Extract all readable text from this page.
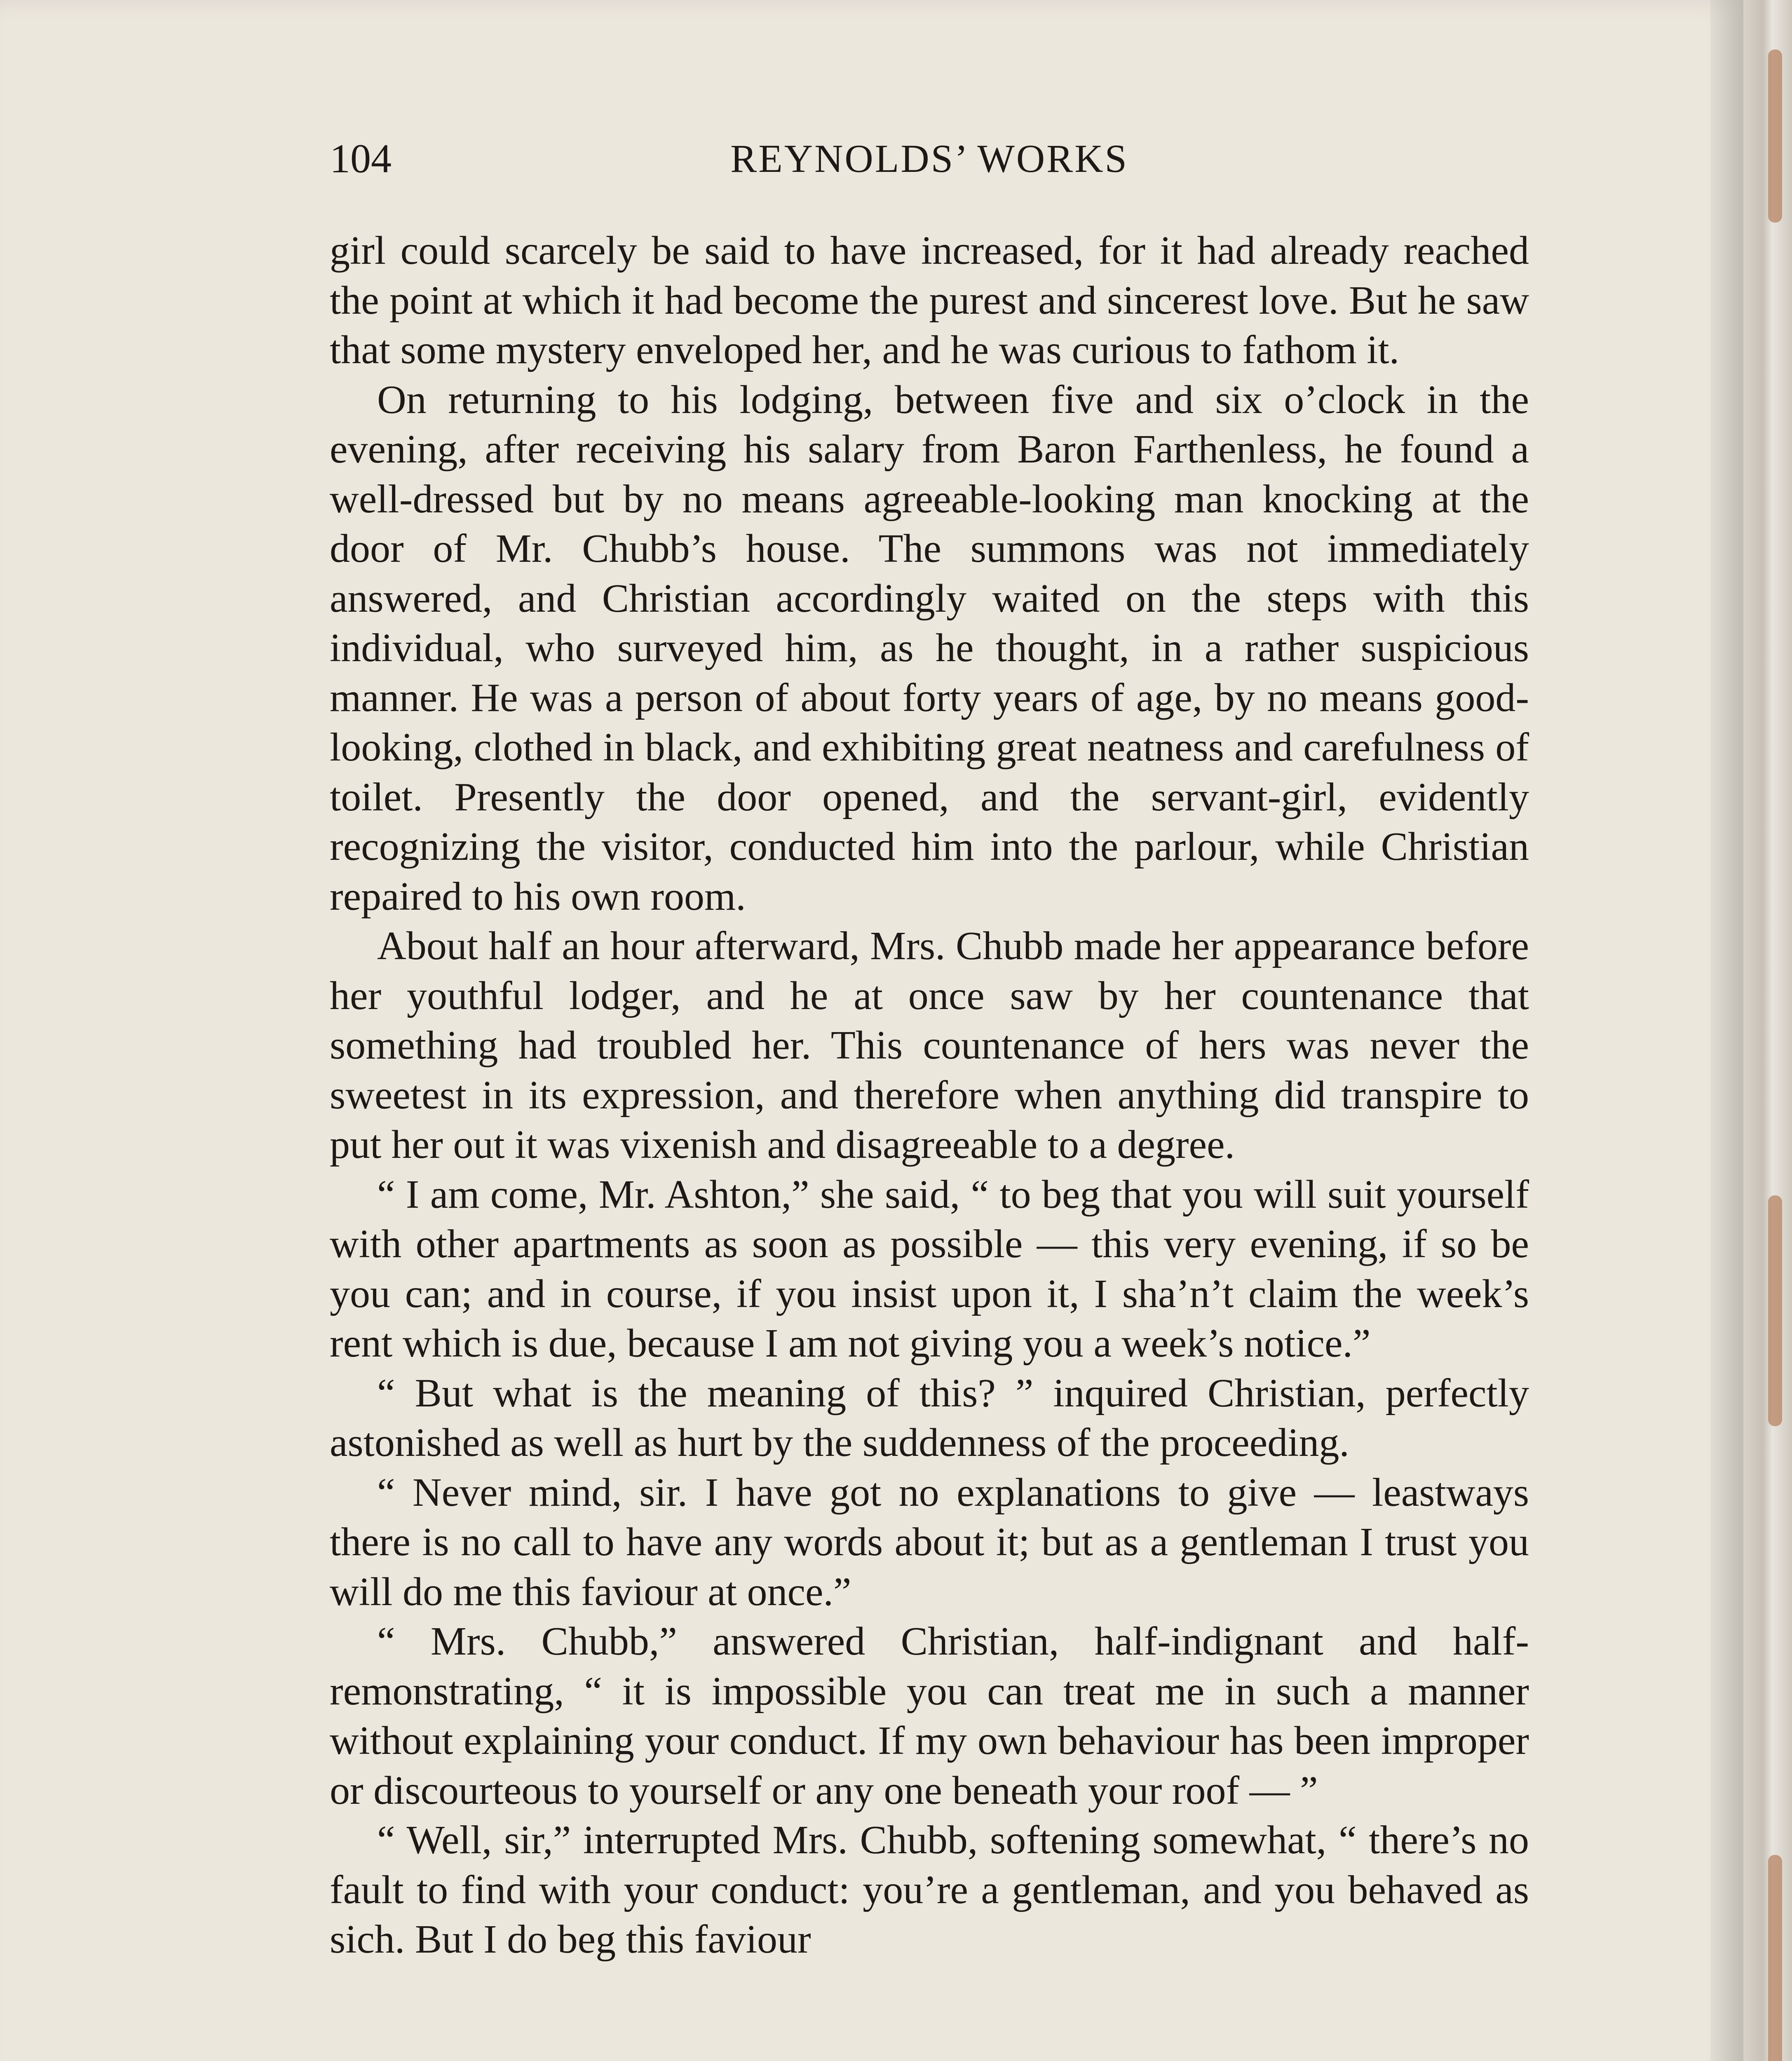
104	REYNOLDS’ WORKS

girl could scarcely be said to have increased, for it had already reached the point at which it had become the purest and sincerest love. But he saw that some mystery enveloped her, and he was curious to fathom it.

On returning to his lodging, between five and six o’clock in the evening, after receiving his salary from Baron Farthenless, he found a well-dressed but by no means agreeable-looking man knocking at the door of Mr. Chubb’s house. The summons was not immediately answered, and Christian accordingly waited on the steps with this individual, who surveyed him, as he thought, in a rather suspicious manner. He was a person of about forty years of age, by no means good-looking, clothed in black, and exhibiting great neatness and carefulness of toilet. Presently the door opened, and the servant-girl, evidently recognizing the visitor, conducted him into the parlour, while Christian repaired to his own room.

About half an hour afterward, Mrs. Chubb made her appearance before her youthful lodger, and he at once saw by her countenance that something had troubled her. This countenance of hers was never the sweetest in its expression, and therefore when anything did transpire to put her out it was vixenish and disagreeable to a degree.

“ I am come, Mr. Ashton,” she said, “ to beg that you will suit yourself with other apartments as soon as possible — this very evening, if so be you can; and in course, if you insist upon it, I sha’n’t claim the week’s rent which is due, because I am not giving you a week’s notice.”

“ But what is the meaning of this? ” inquired Christian, perfectly astonished as well as hurt by the suddenness of the proceeding.

“ Never mind, sir. I have got no explanations to give — leastways there is no call to have any words about it; but as a gentleman I trust you will do me this faviour at once.”

“ Mrs. Chubb,” answered Christian, half-indignant and half-remonstrating, “ it is impossible you can treat me in such a manner without explaining your conduct. If my own behaviour has been improper or discourteous to yourself or any one beneath your roof — ”

“ Well, sir,” interrupted Mrs. Chubb, softening somewhat, “ there’s no fault to find with your conduct: you’re a gentleman, and you behaved as sich. But I do beg this faviour
